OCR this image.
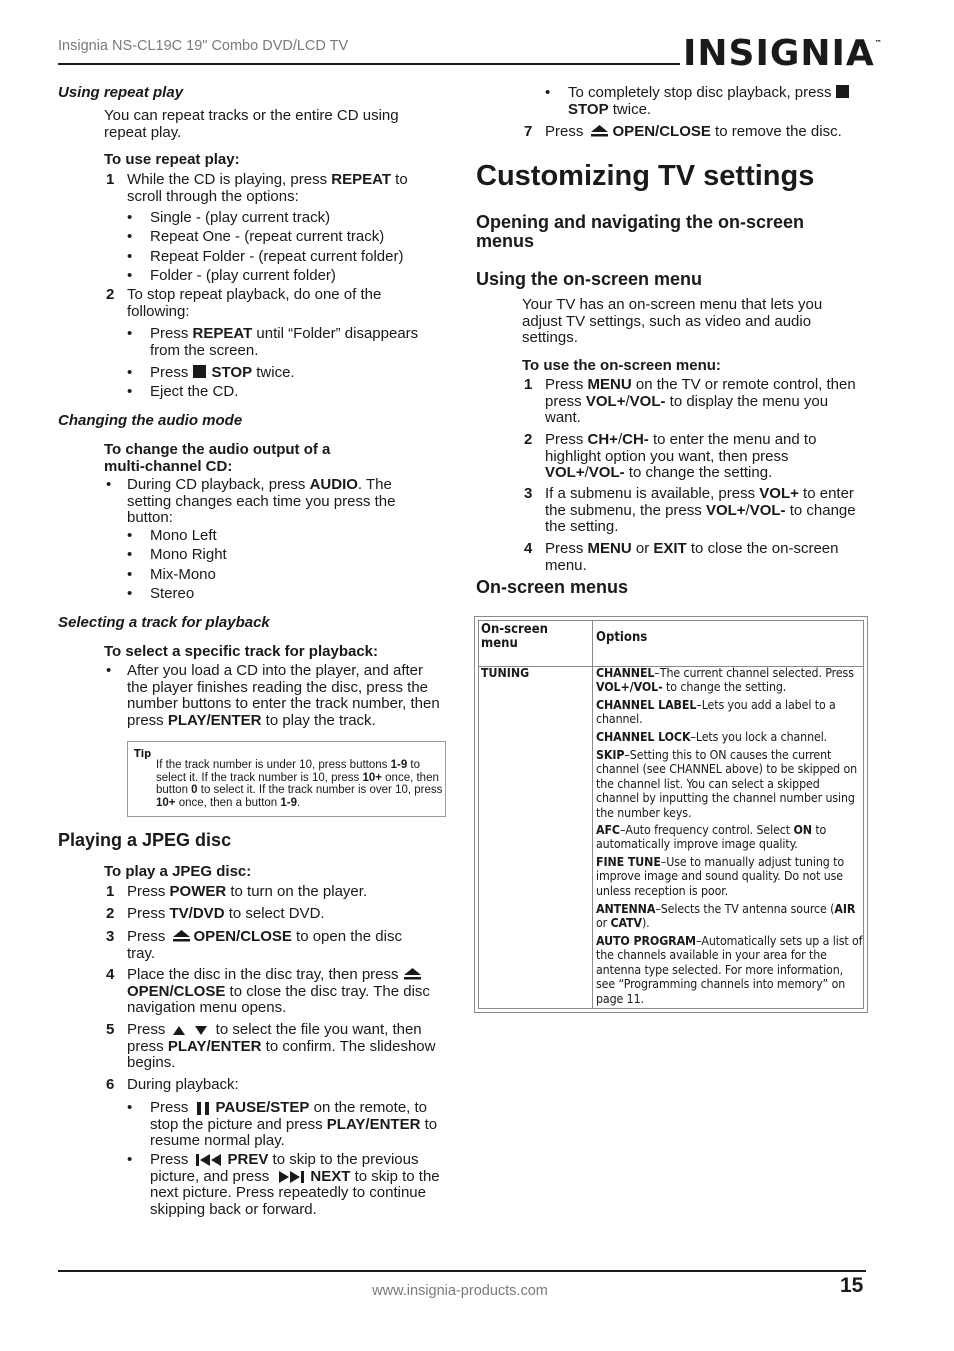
Insignia NS-CL19C 19" Combo DVD/LCD TV	INSIGNIA™
Using repeat play
You can repeat tracks or the entire CD using repeat play.
To use repeat play:
1 While the CD is playing, press REPEAT to scroll through the options:
• Single - (play current track)
• Repeat One - (repeat current track)
• Repeat Folder - (repeat current folder)
• Folder - (play current folder)
2 To stop repeat playback, do one of the following:
• Press REPEAT until “Folder” disappears from the screen.
• Press STOP twice.
• Eject the CD.
Changing the audio mode
To change the audio output of a multi-channel CD:
• During CD playback, press AUDIO. The setting changes each time you press the button:
• Mono Left
• Mono Right
• Mix-Mono
• Stereo
Selecting a track for playback
To select a specific track for playback:
• After you load a CD into the player, and after the player finishes reading the disc, press the number buttons to enter the track number, then press PLAY/ENTER to play the track.
Tip
If the track number is under 10, press buttons 1-9 to select it. If the track number is 10, press 10+ once, then button 0 to select it. If the track number is over 10, press 10+ once, then a button 1-9.
Playing a JPEG disc
To play a JPEG disc:
1 Press POWER to turn on the player.
2 Press TV/DVD to select DVD.
3 Press OPEN/CLOSE to open the disc tray.
4 Place the disc in the disc tray, then press OPEN/CLOSE to close the disc tray. The disc navigation menu opens.
5 Press	to select the file you want, then press PLAY/ENTER to confirm. The slideshow begins.
6 During playback:
• Press PAUSE/STEP on the remote, to stop the picture and press PLAY/ENTER to resume normal play.
• Press PREV to skip to the previous picture, and press NEXT to skip to the next picture. Press repeatedly to continue skipping back or forward.
• To completely stop disc playback, press STOP twice.
7 Press OPEN/CLOSE to remove the disc.
Customizing TV settings
Opening and navigating the on-screen menus
Using the on-screen menu
Your TV has an on-screen menu that lets you adjust TV settings, such as video and audio settings.
To use the on-screen menu:
1 Press MENU on the TV or remote control, then press VOL+/VOL- to display the menu you want.
2 Press CH+/CH- to enter the menu and to highlight option you want, then press VOL+/VOL- to change the setting.
3 If a submenu is available, press VOL+ to enter the submenu, the press VOL+/VOL- to change the setting.
4 Press MENU or EXIT to close the on-screen menu.
On-screen menus
On-screen menu	Options
TUNING	CHANNEL–The current channel selected. Press VOL+/VOL- to change the setting.
CHANNEL LABEL–Lets you add a label to a channel.
CHANNEL LOCK–Lets you lock a channel.
SKIP–Setting this to ON causes the current channel (see CHANNEL above) to be skipped on the channel list. You can select a skipped channel by inputting the channel number using the number keys.
AFC–Auto frequency control. Select ON to automatically improve image quality.
FINE TUNE–Use to manually adjust tuning to improve image and sound quality. Do not use unless reception is poor.
ANTENNA–Selects the TV antenna source (AIR or CATV).
AUTO PROGRAM–Automatically sets up a list of the channels available in your area for the antenna type selected. For more information, see “Programming channels into memory” on page 11.
www.insignia-products.com	15
